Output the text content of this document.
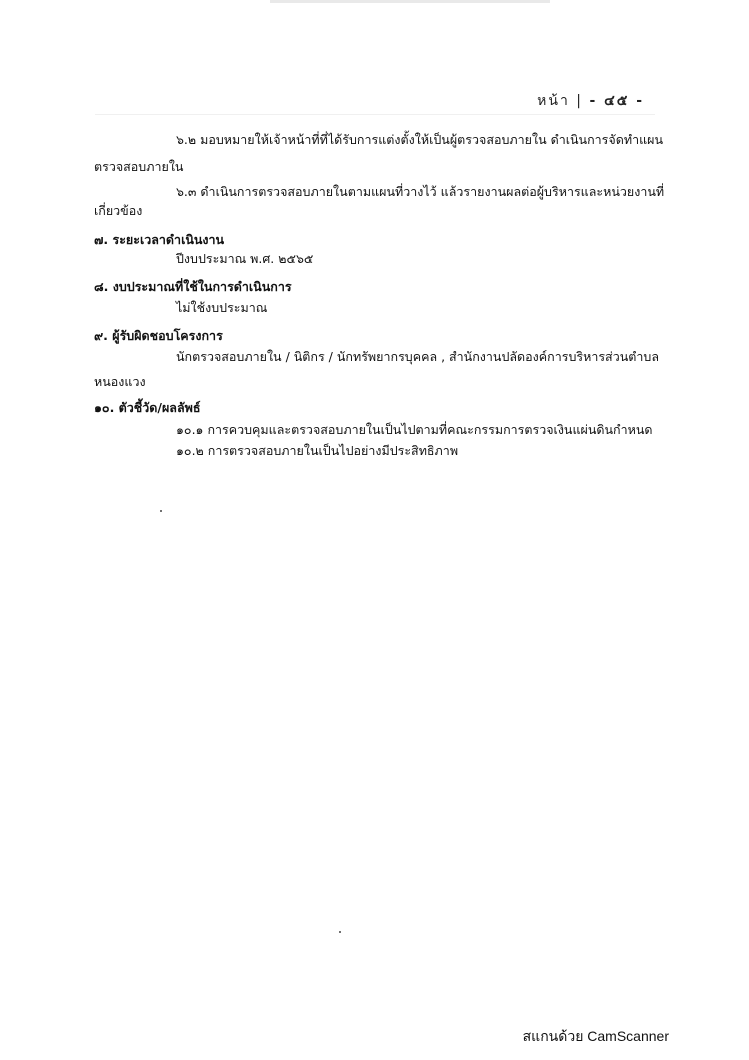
หน้า | - ๔๕ -
๖.๒ มอบหมายให้เจ้าหน้าที่ที่ได้รับการแต่งตั้งให้เป็นผู้ตรวจสอบภายใน ดำเนินการจัดทำแผน
ตรวจสอบภายใน
๖.๓ ดำเนินการตรวจสอบภายในตามแผนที่วางไว้ แล้วรายงานผลต่อผู้บริหารและหน่วยงานที่
เกี่ยวข้อง
๗. ระยะเวลาดำเนินงาน
ปีงบประมาณ พ.ศ. ๒๕๖๕
๘. งบประมาณที่ใช้ในการดำเนินการ
ไม่ใช้งบประมาณ
๙. ผู้รับผิดชอบโครงการ
นักตรวจสอบภายใน / นิติกร / นักทรัพยากรบุคคล , สำนักงานปลัดองค์การบริหารส่วนตำบล
หนองแวง
๑๐. ตัวชี้วัด/ผลลัพธ์
๑๐.๑ การควบคุมและตรวจสอบภายในเป็นไปตามที่คณะกรรมการตรวจเงินแผ่นดินกำหนด
๑๐.๒ การตรวจสอบภายในเป็นไปอย่างมีประสิทธิภาพ
สแกนด้วย CamScanner
